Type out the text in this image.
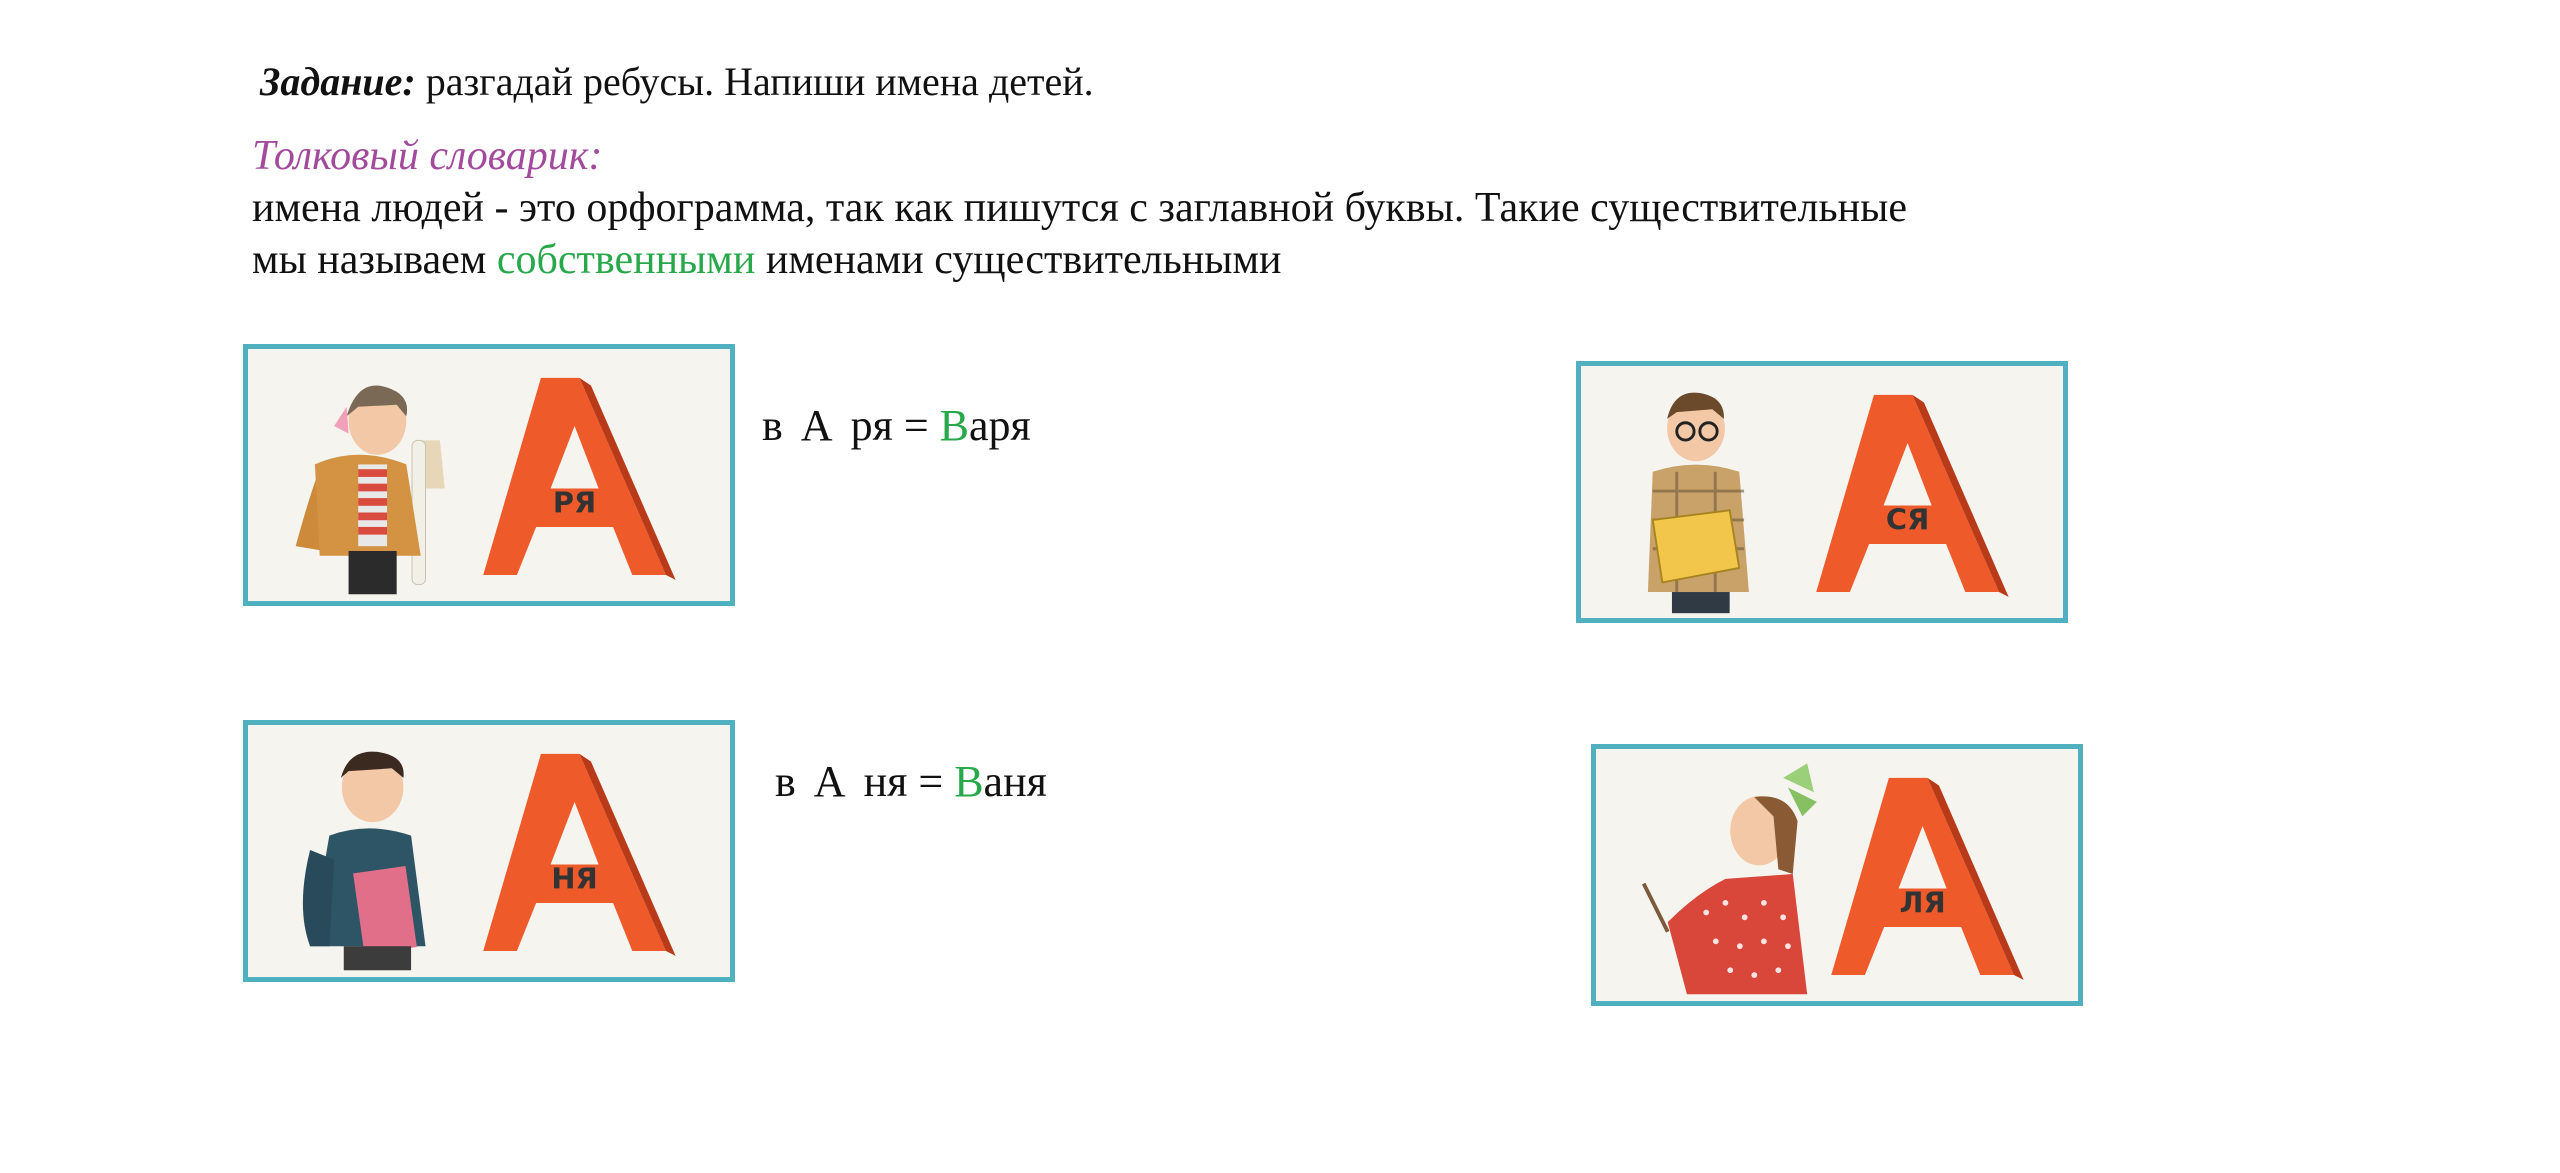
Задание: разгадай ребусы. Напиши имена детей.
Толковый словарик:
имена людей - это орфограмма, так как пишутся с заглавной буквы. Такие существительные
мы называем собственными именами существительными
РЯ
НЯ
СЯ
ЛЯ
в А ря = Варя
в А ня = Ваня
